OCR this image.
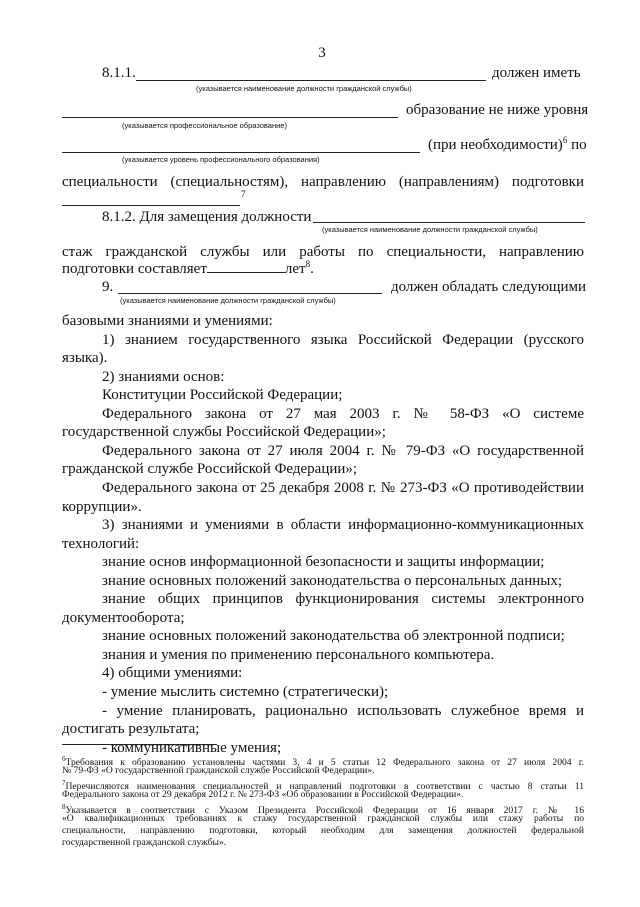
3
8.1.1.	должен иметь
(указывается наименование должности гражданской службы)
образование не ниже уровня
(указывается профессиональное образование)
(при необходимости)$^6$ по
(указывается уровень профессионального образования)
специальности (специальностям), направлению (направлениям) подготовки
7
8.1.2. Для замещения должности
(указывается наименование должности гражданской службы)
стаж гражданской службы или работы по специальности, направлению
подготовки составляет	лет$^8$.
9.	должен обладать следующими
(указывается наименование должности гражданской службы)
базовыми знаниями и умениями:
1) знанием государственного языка Российской Федерации (русского
языка).
2) знаниями основ:
Конституции Российской Федерации;
Федерального закона от 27 мая 2003 г. № 58-ФЗ «О системе
государственной службы Российской Федерации»;
Федерального закона от 27 июля 2004 г. № 79-ФЗ «О государственной
гражданской службе Российской Федерации»;
Федерального закона от 25 декабря 2008 г. № 273-ФЗ «О противодействии
коррупции».
3) знаниями и умениями в области информационно-коммуникационных
технологий:
знание основ информационной безопасности и защиты информации;
знание основных положений законодательства о персональных данных;
знание общих принципов функционирования системы электронного
документооборота;
знание основных положений законодательства об электронной подписи;
знания и умения по применению персонального компьютера.
4) общими умениями:
- умение мыслить системно (стратегически);
- умение планировать, рационально использовать служебное время и
достигать результата;
- коммуникативные умения;
$^6$Требования к образованию установлены частями 3, 4 и 5 статьи 12 Федерального закона от 27 июля 2004 г.
№ 79-ФЗ «О государственной гражданской службе Российской Федерации».
$^7$Перечисляются наименования специальностей и направлений подготовки в соответствии с частью 8 статьи 11
Федерального закона от 29 декабря 2012 г. № 273-ФЗ «Об образовании в Российской Федерации».
$^8$Указывается в соответствии с Указом Президента Российской Федерации от 16 января 2017 г. № 16
«О квалификационных требованиях к стажу государственной гражданской службы или стажу работы по
специальности, направлению подготовки, который необходим для замещения должностей федеральной
государственной гражданской службы».
